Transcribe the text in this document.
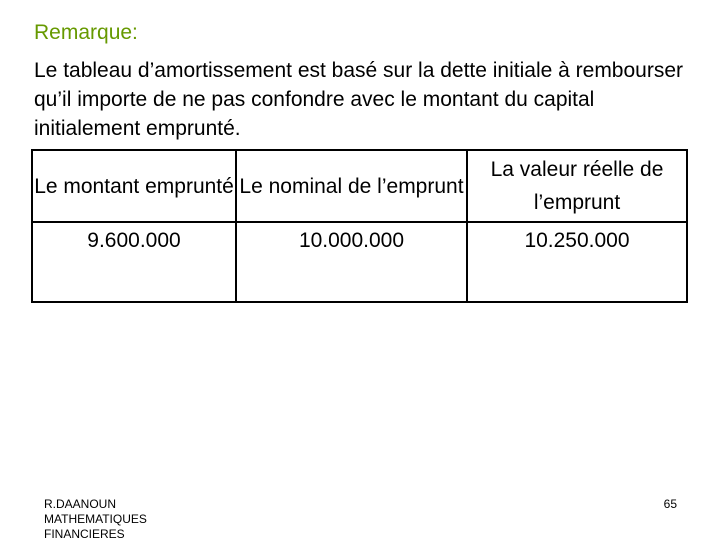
Remarque:
Le tableau d’amortissement est basé sur la dette initiale à rembourser qu’il importe de ne pas confondre avec le montant du capital initialement emprunté.
Le montant emprunté	Le nominal de l’emprunt	La valeur réelle de l’emprunt
9.600.000	10.000.000	10.250.000
R.DAANOUN
MATHEMATIQUES
FINANCIERES
65
